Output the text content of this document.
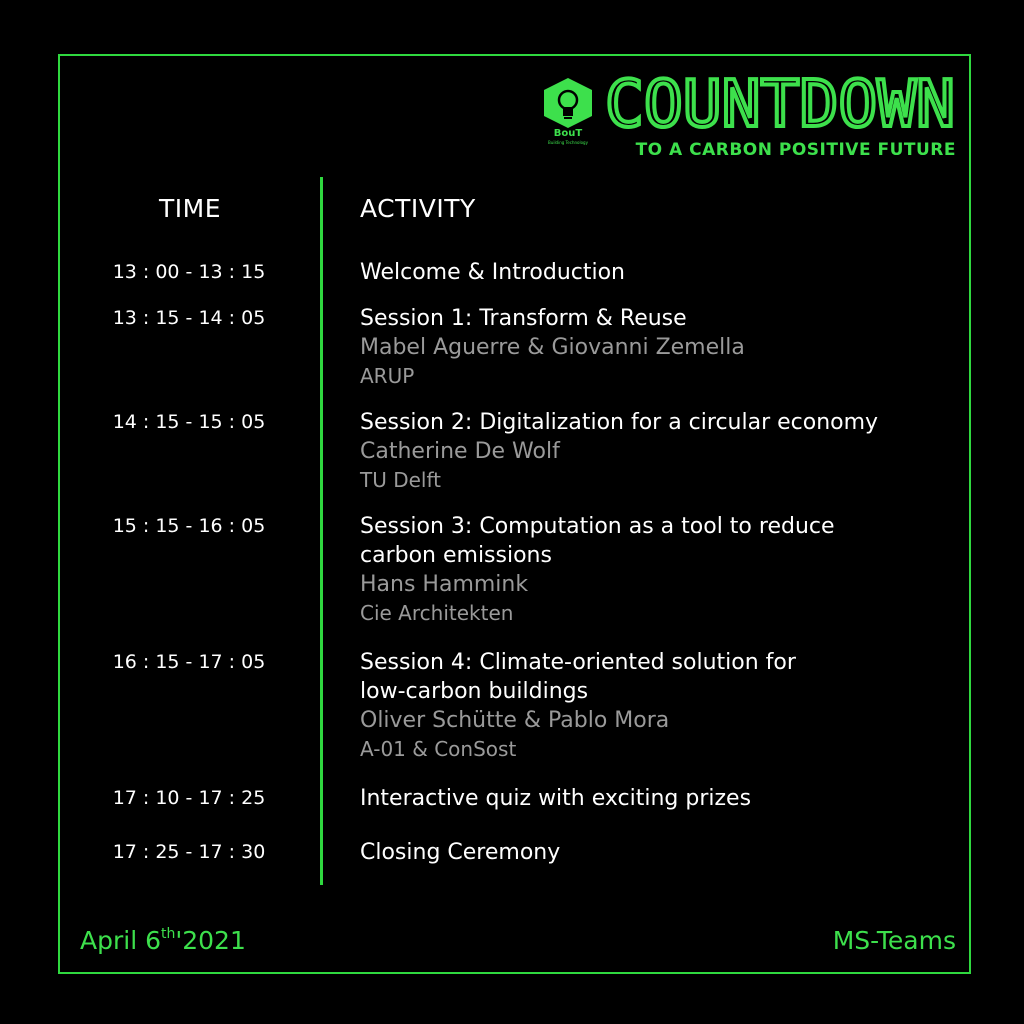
BouT
Building Technology
COUNTDOWN
TO A CARBON POSITIVE FUTURE
TIME	ACTIVITY
13 : 00 - 13 : 15	Welcome & Introduction
13 : 15 - 14 : 05	Session 1: Transform & Reuse
Mabel Aguerre & Giovanni Zemella
ARUP
14 : 15 - 15 : 05	Session 2: Digitalization for a circular economy
Catherine De Wolf
TU Delft
15 : 15 - 16 : 05	Session 3: Computation as a tool to reduce
carbon emissions
Hans Hammink
Cie Architekten
16 : 15 - 17 : 05	Session 4: Climate-oriented solution for
low-carbon buildings
Oliver Schütte & Pablo Mora
A-01 & ConSost
17 : 10 - 17 : 25	Interactive quiz with exciting prizes
17 : 25 - 17 : 30	Closing Ceremony
April 6th'2021	MS-Teams
